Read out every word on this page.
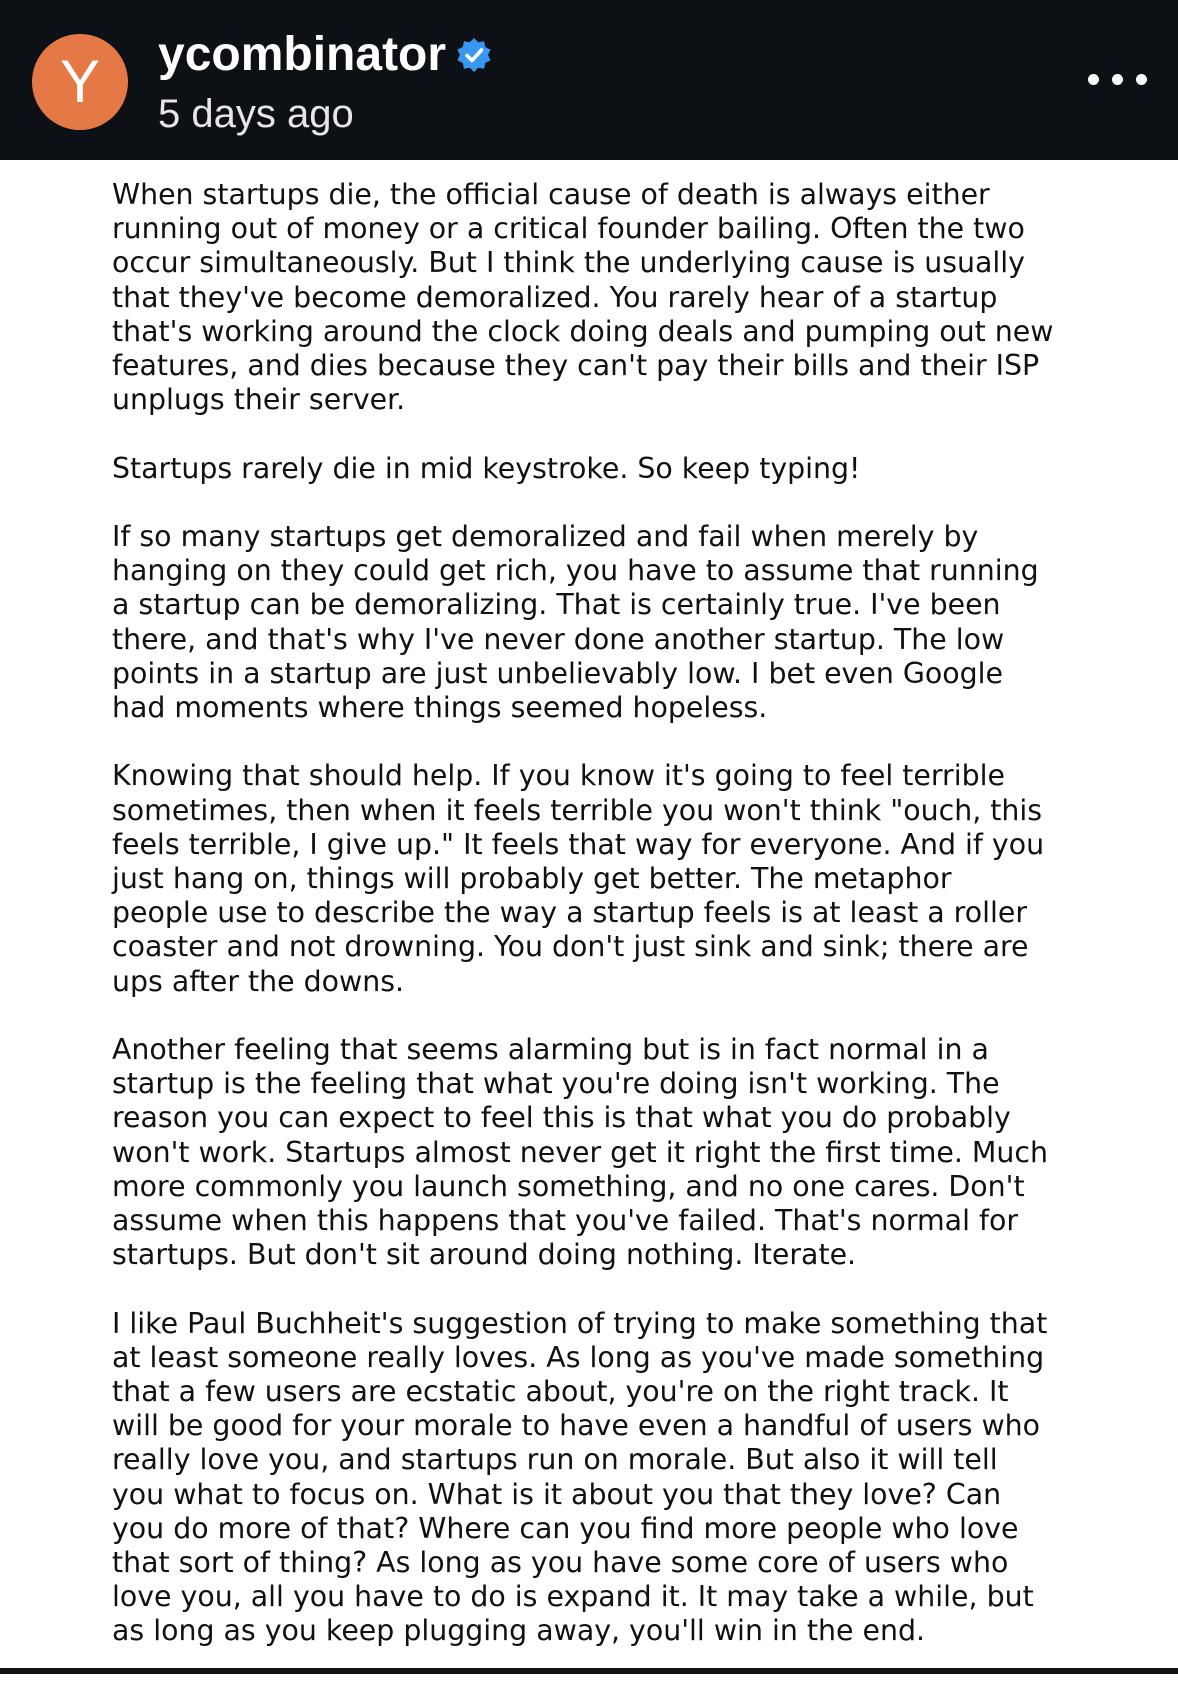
Y	ycombinator
5 days ago
When startups die, the official cause of death is always either
running out of money or a critical founder bailing. Often the two
occur simultaneously. But I think the underlying cause is usually
that they've become demoralized. You rarely hear of a startup
that's working around the clock doing deals and pumping out new
features, and dies because they can't pay their bills and their ISP
unplugs their server.
Startups rarely die in mid keystroke. So keep typing!
If so many startups get demoralized and fail when merely by
hanging on they could get rich, you have to assume that running
a startup can be demoralizing. That is certainly true. I've been
there, and that's why I've never done another startup. The low
points in a startup are just unbelievably low. I bet even Google
had moments where things seemed hopeless.
Knowing that should help. If you know it's going to feel terrible
sometimes, then when it feels terrible you won't think "ouch, this
feels terrible, I give up." It feels that way for everyone. And if you
just hang on, things will probably get better. The metaphor
people use to describe the way a startup feels is at least a roller
coaster and not drowning. You don't just sink and sink; there are
ups after the downs.
Another feeling that seems alarming but is in fact normal in a
startup is the feeling that what you're doing isn't working. The
reason you can expect to feel this is that what you do probably
won't work. Startups almost never get it right the first time. Much
more commonly you launch something, and no one cares. Don't
assume when this happens that you've failed. That's normal for
startups. But don't sit around doing nothing. Iterate.
I like Paul Buchheit's suggestion of trying to make something that
at least someone really loves. As long as you've made something
that a few users are ecstatic about, you're on the right track. It
will be good for your morale to have even a handful of users who
really love you, and startups run on morale. But also it will tell
you what to focus on. What is it about you that they love? Can
you do more of that? Where can you find more people who love
that sort of thing? As long as you have some core of users who
love you, all you have to do is expand it. It may take a while, but
as long as you keep plugging away, you'll win in the end.
